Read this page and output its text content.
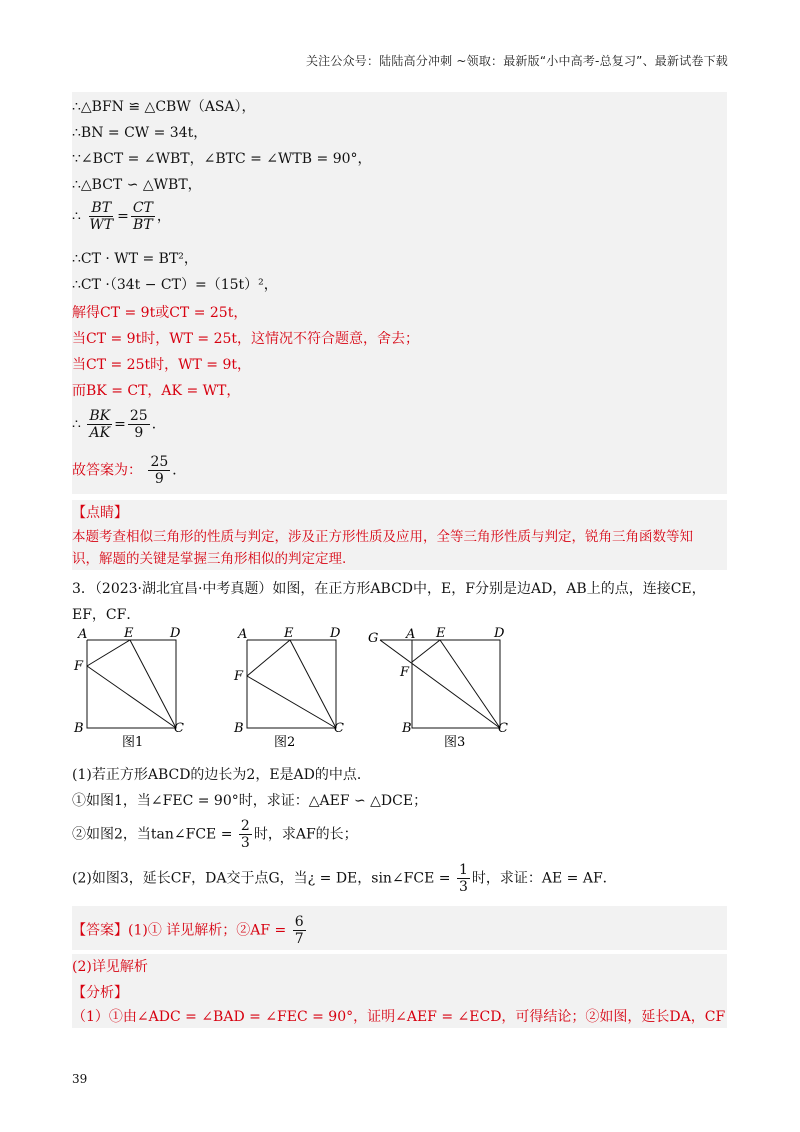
关注公众号：陆陆高分冲刺 ~领取：最新版“小中高考-总复习”、最新试卷下载
∴△BFN ≌ △CBW（ASA），
∴BN = CW = 34t，
∵∠BCT = ∠WBT，∠BTC = ∠WTB = 90°，
∴△BCT ∽ △WBT，
∴ $\frac{BT}{WT} = \frac{CT}{BT}$ ，
∴CT · WT = BT²，
∴CT ·（34t − CT）=（15t）²，
解得CT = 9t或CT = 25t，
当CT = 9t时，WT = 25t，这情况不符合题意，舍去；
当CT = 25t时，WT = 9t，
而BK = CT，AK = WT，
∴ $\frac{BK}{AK} = \frac{25}{9}$ ．
故答案为： $\frac{25}{9}$ ．
【点睛】
本题考查相似三角形的性质与判定，涉及正方形性质及应用，全等三角形性质与判定，锐角三角函数等知
识，解题的关键是掌握三角形相似的判定定理.
3．（2023·湖北宜昌·中考真题）如图，在正方形ABCD中，E，F分别是边AD，AB上的点，连接CE，
EF，CF．
A	E	D
F
B	C
图1
A	E	D
F
B	C
图2
G A E	D
F
B	C
图3
(1)若正方形ABCD的边长为2，E是AD的中点．
①如图1，当∠FEC = 90°时，求证：△AEF ∽ △DCE；
②如图2，当tan∠FCE = $\frac{2}{3}$ 时，求AF的长；
(2)如图3，延长CF，DA交于点G，当¿ = DE，sin∠FCE = $\frac{1}{3}$ 时，求证：AE = AF．
【答案】(1)① 详见解析；②AF = $\frac{6}{7}$
(2)详见解析
【分析】
（1）①由∠ADC = ∠BAD = ∠FEC = 90°，证明∠AEF = ∠ECD，可得结论；②如图，延长DA，CF
39
